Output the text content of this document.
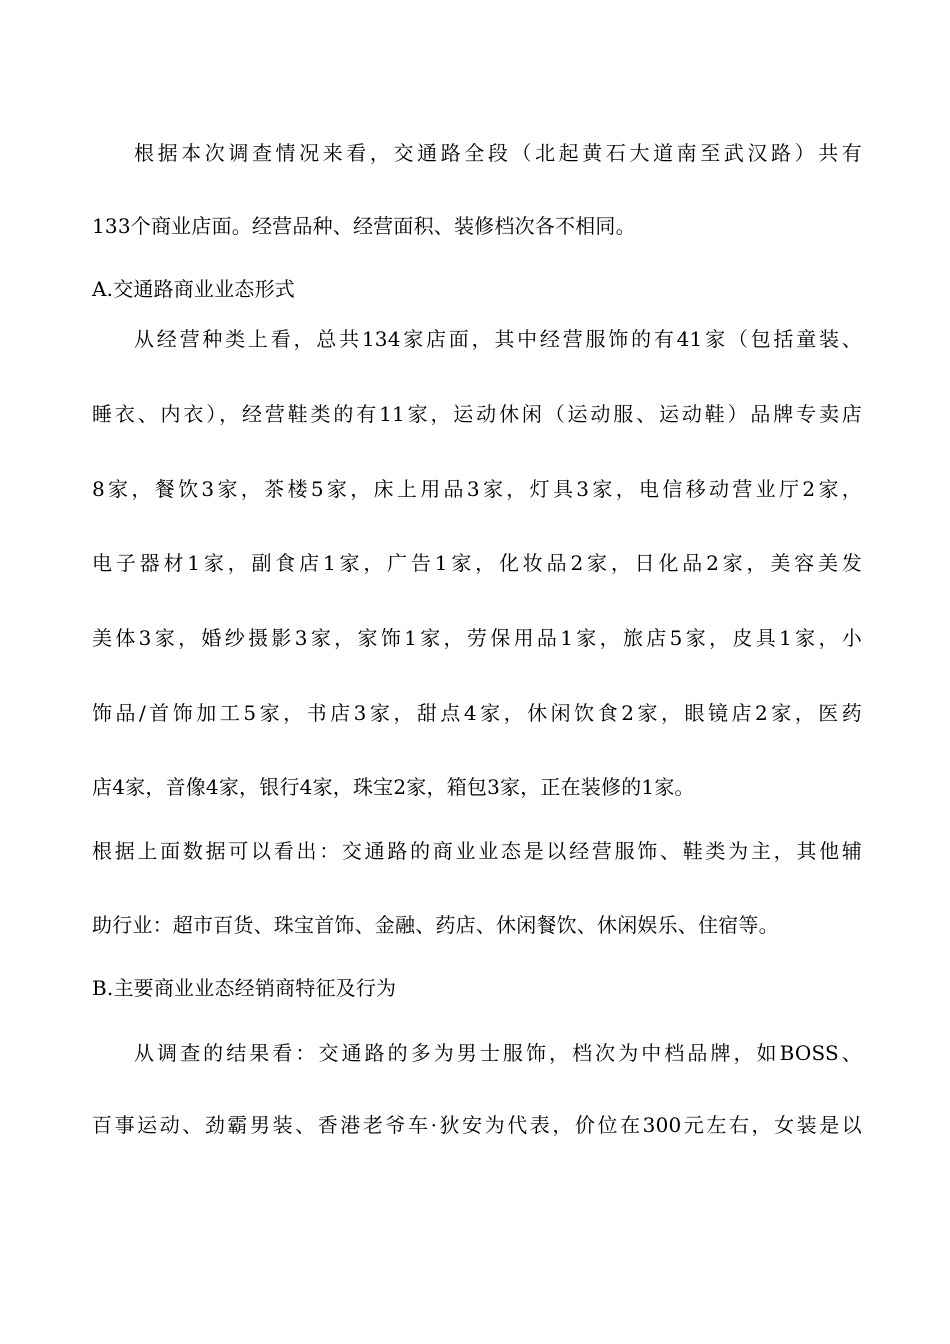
根据本次调查情况来看，交通路全段（北起黄石大道南至武汉路）共有
133个商业店面。经营品种、经营面积、装修档次各不相同。
A.交通路商业业态形式
从经营种类上看，总共134家店面，其中经营服饰的有41家（包括童装、
睡衣、内衣），经营鞋类的有11家，运动休闲（运动服、运动鞋）品牌专卖店
8家，餐饮3家，茶楼5家，床上用品3家，灯具3家，电信移动营业厅2家，
电子器材1家，副食店1家，广告1家，化妆品2家，日化品2家，美容美发
美体3家，婚纱摄影3家，家饰1家，劳保用品1家，旅店5家，皮具1家，小
饰品/首饰加工5家，书店3家，甜点4家，休闲饮食2家，眼镜店2家，医药
店4家，音像4家，银行4家，珠宝2家，箱包3家，正在装修的1家。
根据上面数据可以看出：交通路的商业业态是以经营服饰、鞋类为主，其他辅
助行业：超市百货、珠宝首饰、金融、药店、休闲餐饮、休闲娱乐、住宿等。
B.主要商业业态经销商特征及行为
从调查的结果看：交通路的多为男士服饰，档次为中档品牌，如BOSS、
百事运动、劲霸男装、香港老爷车·狄安为代表，价位在300元左右，女装是以
